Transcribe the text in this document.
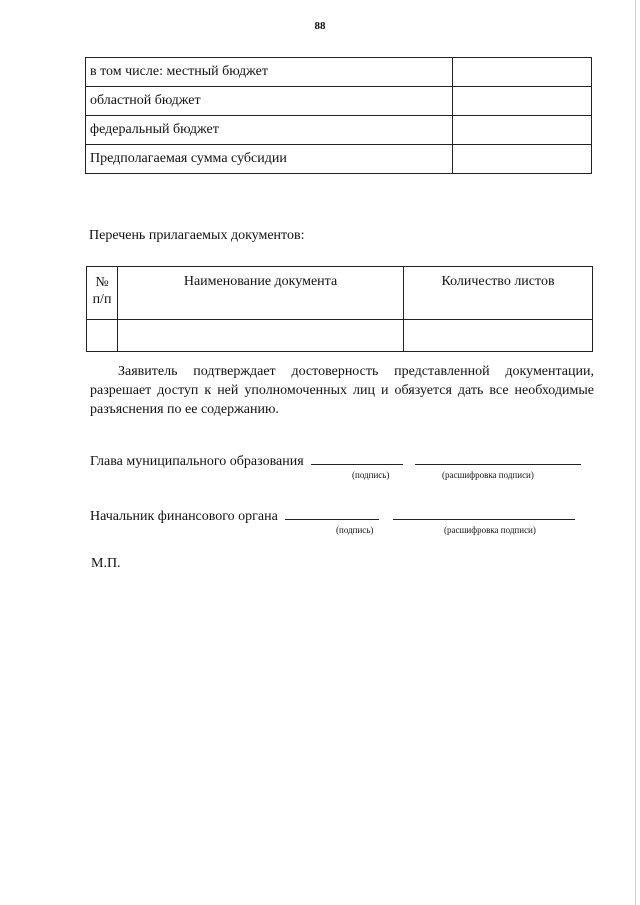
88
в том числе: местный бюджет	
областной бюджет	
федеральный бюджет	
Предполагаемая сумма субсидии	
Перечень прилагаемых документов:
№
п/п	Наименование документа	Количество листов

Заявитель подтверждает достоверность представленной документации, разрешает доступ к ней уполномоченных лиц и обязуется дать все необходимые разъяснения по ее содержанию.
Глава муниципального образования
(подпись)	(расшифровка подписи)
Начальник финансового органа
(подпись)	(расшифровка подписи)
М.П.
